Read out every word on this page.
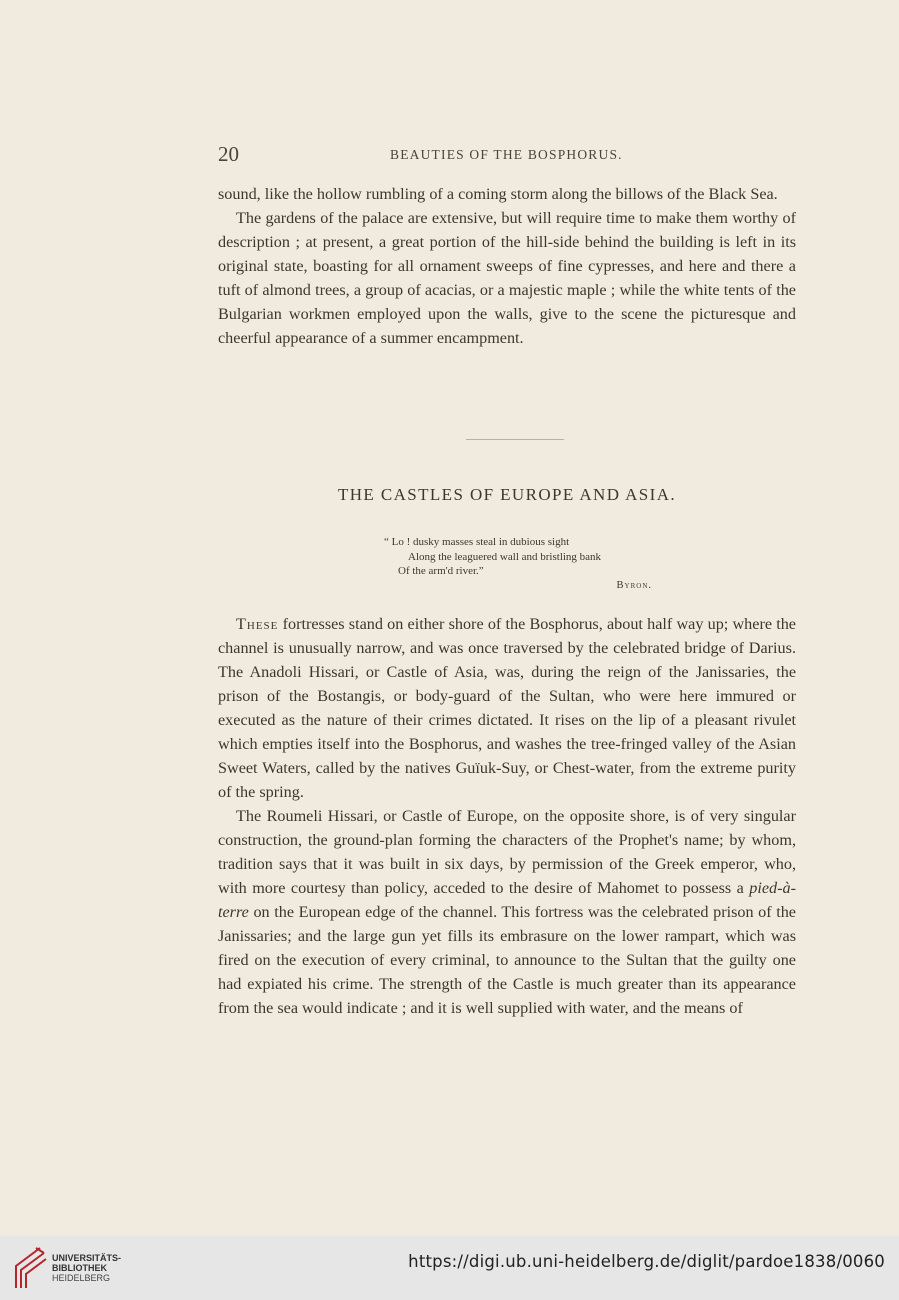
20	BEAUTIES OF THE BOSPHORUS.

sound, like the hollow rumbling of a coming storm along the billows of the Black Sea.

The gardens of the palace are extensive, but will require time to make them worthy of description ; at present, a great portion of the hill-side behind the building is left in its original state, boasting for all ornament sweeps of fine cypresses, and here and there a tuft of almond trees, a group of acacias, or a majestic maple ; while the white tents of the Bulgarian workmen employed upon the walls, give to the scene the picturesque and cheerful appearance of a summer encampment.

THE CASTLES OF EUROPE AND ASIA.
“ Lo ! dusky masses steal in dubious sight
Along the leaguered wall and bristling bank
Of the arm'd river.”
Byron.

These fortresses stand on either shore of the Bosphorus, about half way up; where the channel is unusually narrow, and was once traversed by the celebrated bridge of Darius. The Anadoli Hissari, or Castle of Asia, was, during the reign of the Janissaries, the prison of the Bostangis, or body-guard of the Sultan, who were here immured or executed as the nature of their crimes dictated. It rises on the lip of a pleasant rivulet which empties itself into the Bosphorus, and washes the tree-fringed valley of the Asian Sweet Waters, called by the natives Guïuk-Suy, or Chest-water, from the extreme purity of the spring.

The Roumeli Hissari, or Castle of Europe, on the opposite shore, is of very singular construction, the ground-plan forming the characters of the Prophet's name; by whom, tradition says that it was built in six days, by permission of the Greek emperor, who, with more courtesy than policy, acceded to the desire of Mahomet to possess a pied-à-terre on the European edge of the channel. This fortress was the celebrated prison of the Janissaries; and the large gun yet fills its embrasure on the lower rampart, which was fired on the execution of every criminal, to announce to the Sultan that the guilty one had expiated his crime. The strength of the Castle is much greater than its appearance from the sea would indicate ; and it is well supplied with water, and the means of

UNIVERSITÄTS-
BIBLIOTHEK
HEIDELBERG
https://digi.ub.uni-heidelberg.de/diglit/pardoe1838/0060
